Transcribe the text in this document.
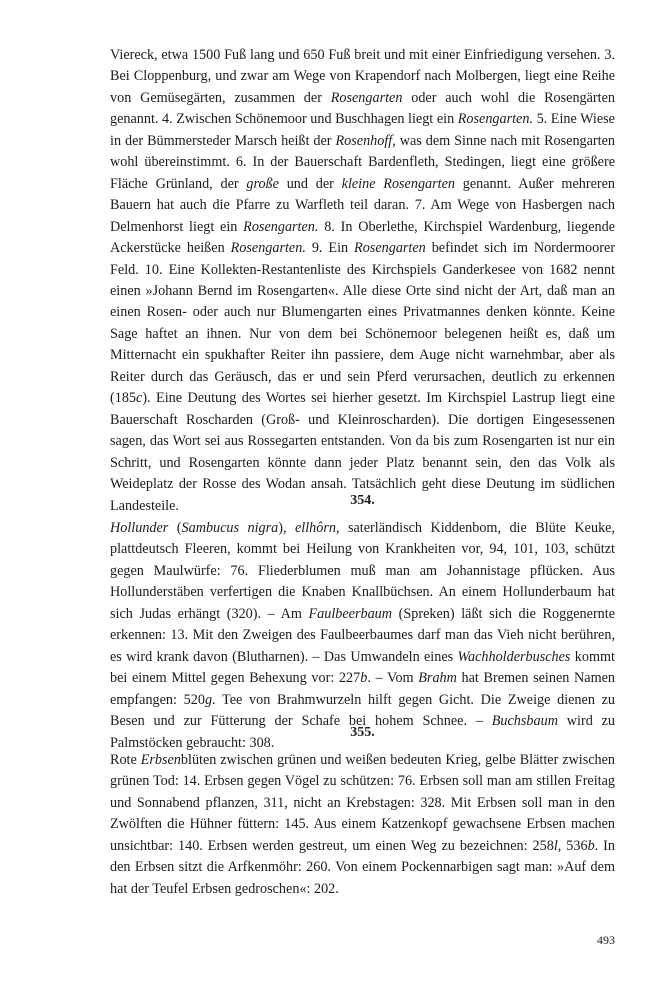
Viereck, etwa 1500 Fuß lang und 650 Fuß breit und mit einer Einfriedigung versehen. 3. Bei Cloppenburg, und zwar am Wege von Krapendorf nach Molbergen, liegt eine Reihe von Gemüsegärten, zusammen der Rosengarten oder auch wohl die Rosengärten genannt. 4. Zwischen Schönemoor und Buschhagen liegt ein Rosengarten. 5. Eine Wiese in der Bümmersteder Marsch heißt der Rosenhoff, was dem Sinne nach mit Rosengarten wohl übereinstimmt. 6. In der Bauerschaft Bardenfleth, Stedingen, liegt eine größere Fläche Grünland, der große und der kleine Rosengarten genannt. Außer mehreren Bauern hat auch die Pfarre zu Warfleth teil daran. 7. Am Wege von Hasbergen nach Delmenhorst liegt ein Rosengarten. 8. In Oberlethe, Kirchspiel Wardenburg, liegende Ackerstücke heißen Rosengarten. 9. Ein Rosengarten befindet sich im Nordermoorer Feld. 10. Eine Kollekten-Restantenliste des Kirchspiels Ganderkesee von 1682 nennt einen »Johann Bernd im Rosengarten«. Alle diese Orte sind nicht der Art, daß man an einen Rosen- oder auch nur Blumengarten eines Privatmannes denken könnte. Keine Sage haftet an ihnen. Nur von dem bei Schönemoor belegenen heißt es, daß um Mitternacht ein spukhafter Reiter ihn passiere, dem Auge nicht warnehmbar, aber als Reiter durch das Geräusch, das er und sein Pferd verursachen, deutlich zu erkennen (185c). Eine Deutung des Wortes sei hierher gesetzt. Im Kirchspiel Lastrup liegt eine Bauerschaft Roscharden (Groß- und Kleinroscharden). Die dortigen Eingesessenen sagen, das Wort sei aus Rossegarten entstanden. Von da bis zum Rosengarten ist nur ein Schritt, und Rosengarten könnte dann jeder Platz benannt sein, den das Volk als Weideplatz der Rosse des Wodan ansah. Tatsächlich geht diese Deutung im südlichen Landesteile.	354.

Hollunder (Sambucus nigra), ellhôrn, saterländisch Kiddenbom, die Blüte Keuke, plattdeutsch Fleeren, kommt bei Heilung von Krankheiten vor, 94, 101, 103, schützt gegen Maulwürfe: 76. Fliederblumen muß man am Johannistage pflücken. Aus Hollunderstäben verfertigen die Knaben Knallbüchsen. An einem Hollunderbaum hat sich Judas erhängt (320). – Am Faulbeerbaum (Spreken) läßt sich die Roggenernte erkennen: 13. Mit den Zweigen des Faulbeerbaumes darf man das Vieh nicht berühren, es wird krank davon (Blutharnen). – Das Umwandeln eines Wachholderbusches kommt bei einem Mittel gegen Behexung vor: 227b. – Vom Brahm hat Bremen seinen Namen empfangen: 520g. Tee von Brahmwurzeln hilft gegen Gicht. Die Zweige dienen zu Besen und zur Fütterung der Schafe bei hohem Schnee. – Buchsbaum wird zu Palmstöcken gebraucht: 308.

355.

Rote Erbsenblüten zwischen grünen und weißen bedeuten Krieg, gelbe Blätter zwischen grünen Tod: 14. Erbsen gegen Vögel zu schützen: 76. Erbsen soll man am stillen Freitag und Sonnabend pflanzen, 311, nicht an Krebstagen: 328. Mit Erbsen soll man in den Zwölften die Hühner füttern: 145. Aus einem Katzenkopf gewachsene Erbsen machen unsichtbar: 140. Erbsen werden gestreut, um einen Weg zu bezeichnen: 258l, 536b. In den Erbsen sitzt die Arfkenmöhr: 260. Von einem Pockennarbigen sagt man: »Auf dem hat der Teufel Erbsen gedroschen«: 202.

493
